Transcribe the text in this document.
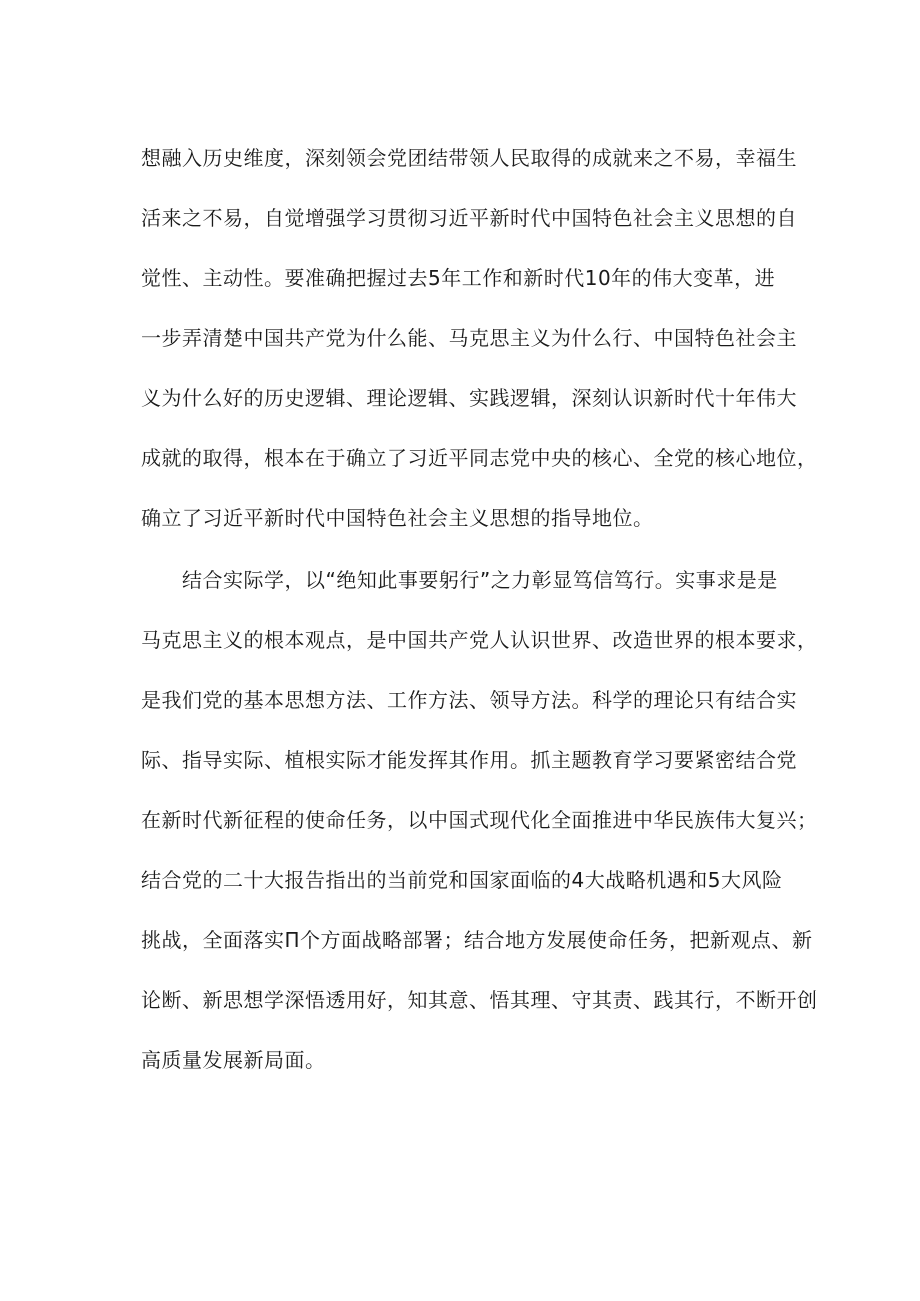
想融入历史维度，深刻领会党团结带领人民取得的成就来之不易，幸福生
活来之不易，自觉增强学习贯彻习近平新时代中国特色社会主义思想的自
觉性、主动性。要准确把握过去5年工作和新时代10年的伟大变革，进
一步弄清楚中国共产党为什么能、马克思主义为什么行、中国特色社会主
义为什么好的历史逻辑、理论逻辑、实践逻辑，深刻认识新时代十年伟大
成就的取得，根本在于确立了习近平同志党中央的核心、全党的核心地位，
确立了习近平新时代中国特色社会主义思想的指导地位。
　　结合实际学，以“绝知此事要躬行”之力彰显笃信笃行。实事求是是
马克思主义的根本观点，是中国共产党人认识世界、改造世界的根本要求，
是我们党的基本思想方法、工作方法、领导方法。科学的理论只有结合实
际、指导实际、植根实际才能发挥其作用。抓主题教育学习要紧密结合党
在新时代新征程的使命任务，以中国式现代化全面推进中华民族伟大复兴；
结合党的二十大报告指出的当前党和国家面临的4大战略机遇和5大风险
挑战，全面落实Π个方面战略部署；结合地方发展使命任务，把新观点、新
论断、新思想学深悟透用好，知其意、悟其理、守其责、践其行，不断开创
高质量发展新局面。
